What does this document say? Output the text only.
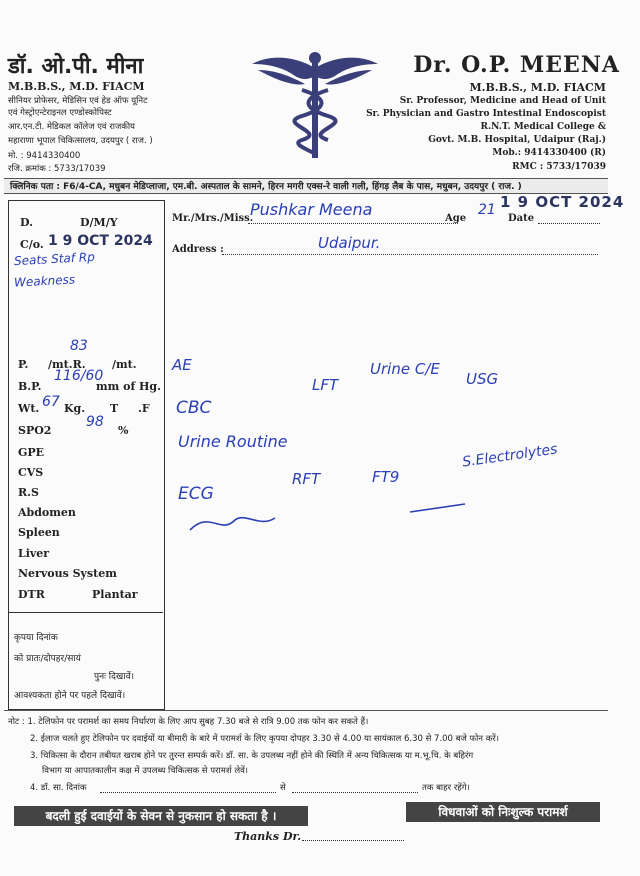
डॉ. ओ.पी. मीना
M.B.B.S., M.D. FIACM
सीनियर प्रोफेसर, मेडिसिन एवं हेड ऑफ यूनिट
एवं गेस्ट्रोएन्टेराइनल एण्डोस्कोपिस्ट
आर.एन.टी. मेडिकल कॉलेज एवं राजकीय
महाराणा भूपाल चिकित्सालय, उदयपुर ( राज. )
मो. : 9414330400
रजि. क्रमांक : 5733/17039
Dr. O.P. MEENA
M.B.B.S., M.D. FIACM
Sr. Professor, Medicine and Head of Unit
Sr. Physician and Gastro Intestinal Endoscopist
R.N.T. Medical College &
Govt. M.B. Hospital, Udaipur (Raj.)
Mob.: 9414330400 (R)
RMC : 5733/17039
क्लिनिक पता : F6/4-CA, मधुबन मेडिप्लाजा, एम.बी. अस्पताल के सामने, हिरन मगरी एक्स-रे वाली गली, हिंगड़ लैब के पास, मधुबन, उदयपुर ( राज. )
Mr./Mrs./Miss.
Pushkar Meena	Age
21
Date
1 9 OCT 2024
Address :	Udaipur.
D.	D/M/Y
C/o. 1 9 OCT 2024
Seats Staf Rp
Weakness
83
P. /mt.R. /mt.
B.P.
116/60
mm of Hg.
Wt. 67 Kg. T .F
SPO2
98
%
GPE
CVS
R.S
Abdomen
Spleen
Liver
Nervous System
DTR	Plantar
कृपया दिनांक
को प्रातः/दोपहर/सायं
पुनः दिखावें।
आवश्यकता होने पर पहले दिखावें।
AE
CBC
Urine Routine
ECG
RFT	FT9
S.Electrolytes
LFT
Urine C/E
USG
नोट : 1. टेलिफोन पर परामर्श का समय निर्धारण के लिए आप सुबह 7.30 बजे से रात्रि 9.00 तक फोन कर सकते हैं।
2. ईलाज चलते हुए टेलिफोन पर दवाईयों या बीमारी के बारे में परामर्श के लिए कृपया दोपहर 3.30 से 4.00 या सायंकाल 6.30 से 7.00 बजे फोन करें।
3. चिकित्सा के दौरान तबीयत खराब होने पर तुरन्त सम्पर्क करें। डॉ. सा. के उपलब्ध नहीं होने की स्थिति में अन्य चिकित्सक या म.भू.चि. के बहिरंग
विभाग या आपातकालीन कक्ष में उपलब्ध चिकित्सक से परामर्श लेवें।
4. डॉ. सा. दिनांक	से	तक बाहर रहेंगे।
बदली हुई दवाईयों के सेवन से नुकसान हो सकता है ।	विधवाओं को निःशुल्क परामर्श
Thanks Dr.
